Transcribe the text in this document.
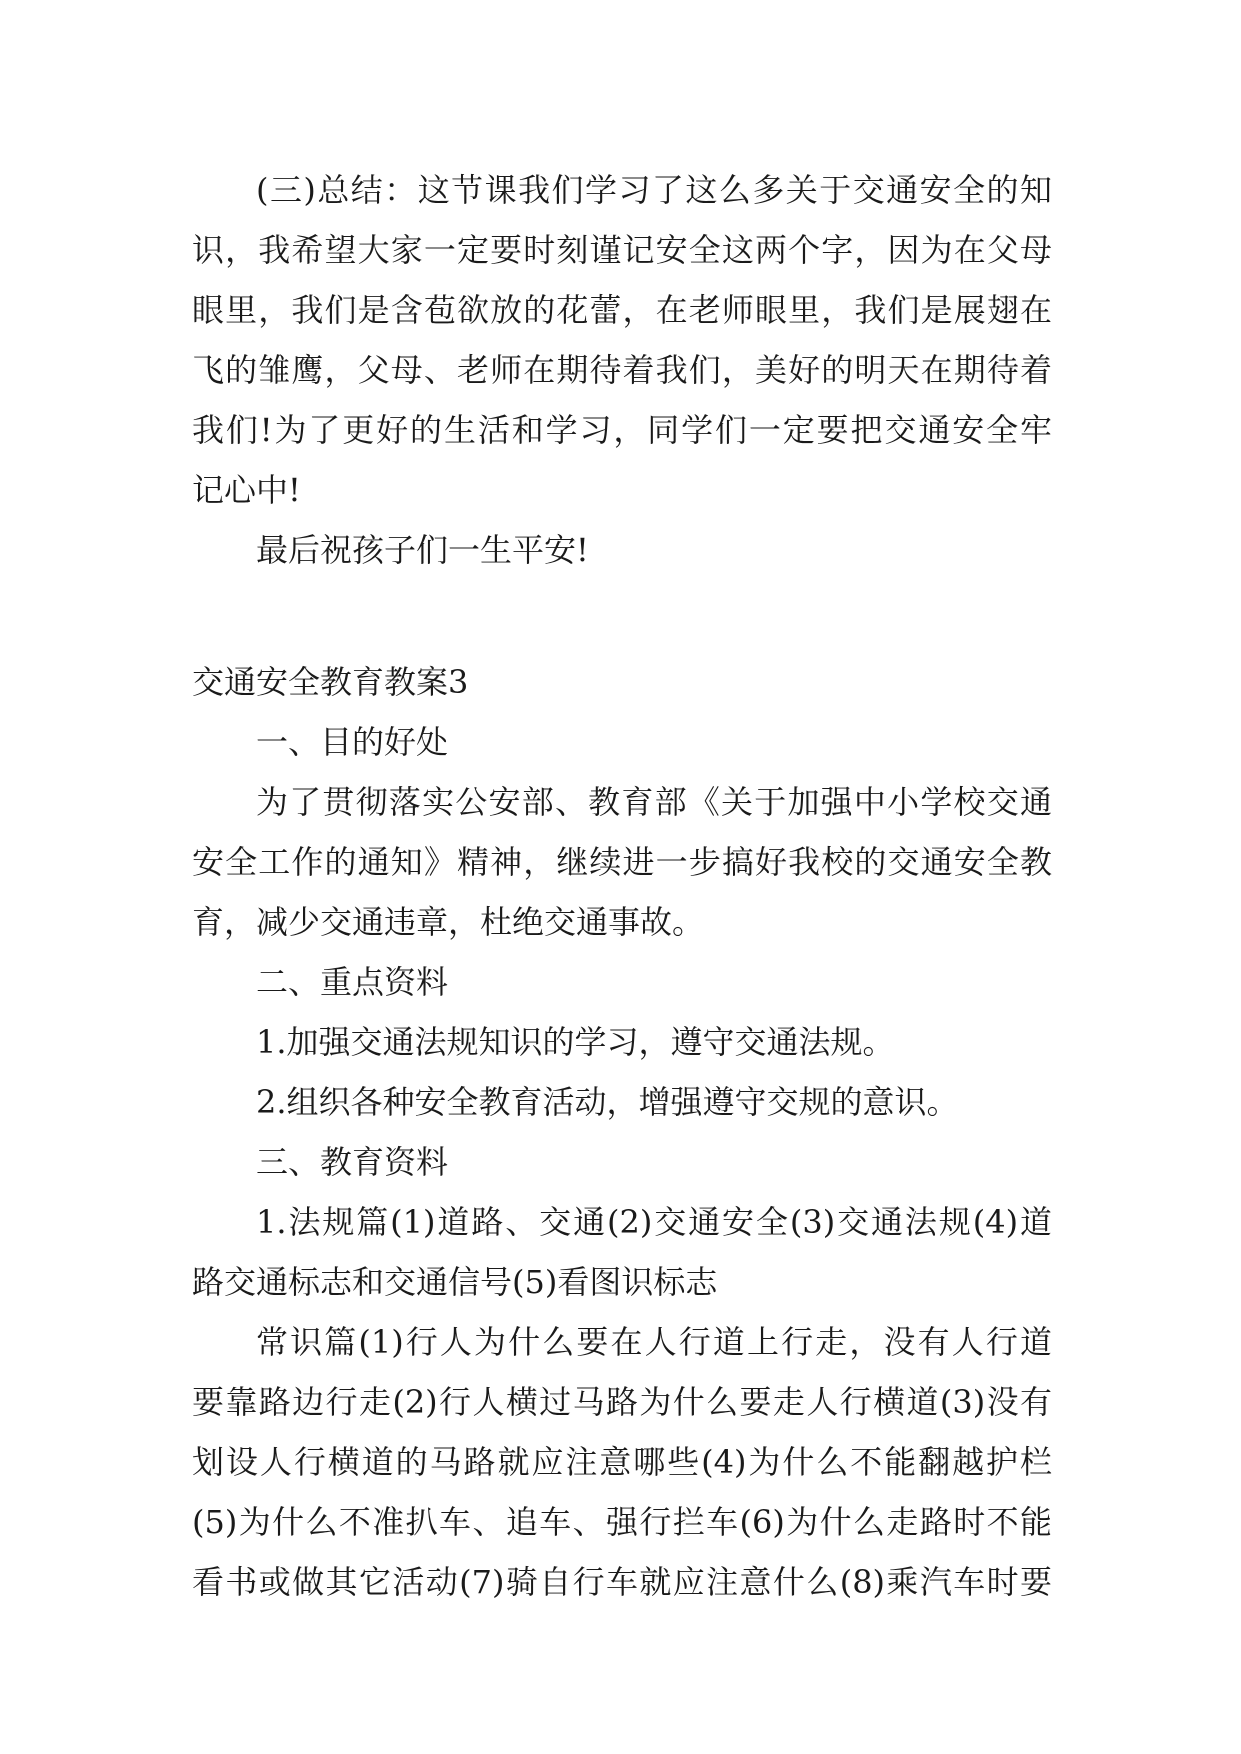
(三)总结：这节课我们学习了这么多关于交通安全的知
识，我希望大家一定要时刻谨记安全这两个字，因为在父母
眼里，我们是含苞欲放的花蕾，在老师眼里，我们是展翅在
飞的雏鹰，父母、老师在期待着我们，美好的明天在期待着
我们!为了更好的生活和学习，同学们一定要把交通安全牢
记心中!
最后祝孩子们一生平安!
交通安全教育教案3
一、目的好处
为了贯彻落实公安部、教育部《关于加强中小学校交通
安全工作的通知》精神，继续进一步搞好我校的交通安全教
育，减少交通违章，杜绝交通事故。
二、重点资料
1.加强交通法规知识的学习，遵守交通法规。
2.组织各种安全教育活动，增强遵守交规的意识。
三、教育资料
1.法规篇(1)道路、交通(2)交通安全(3)交通法规(4)道
路交通标志和交通信号(5)看图识标志
常识篇(1)行人为什么要在人行道上行走，没有人行道
要靠路边行走(2)行人横过马路为什么要走人行横道(3)没有
划设人行横道的马路就应注意哪些(4)为什么不能翻越护栏
(5)为什么不准扒车、追车、强行拦车(6)为什么走路时不能
看书或做其它活动(7)骑自行车就应注意什么(8)乘汽车时要
